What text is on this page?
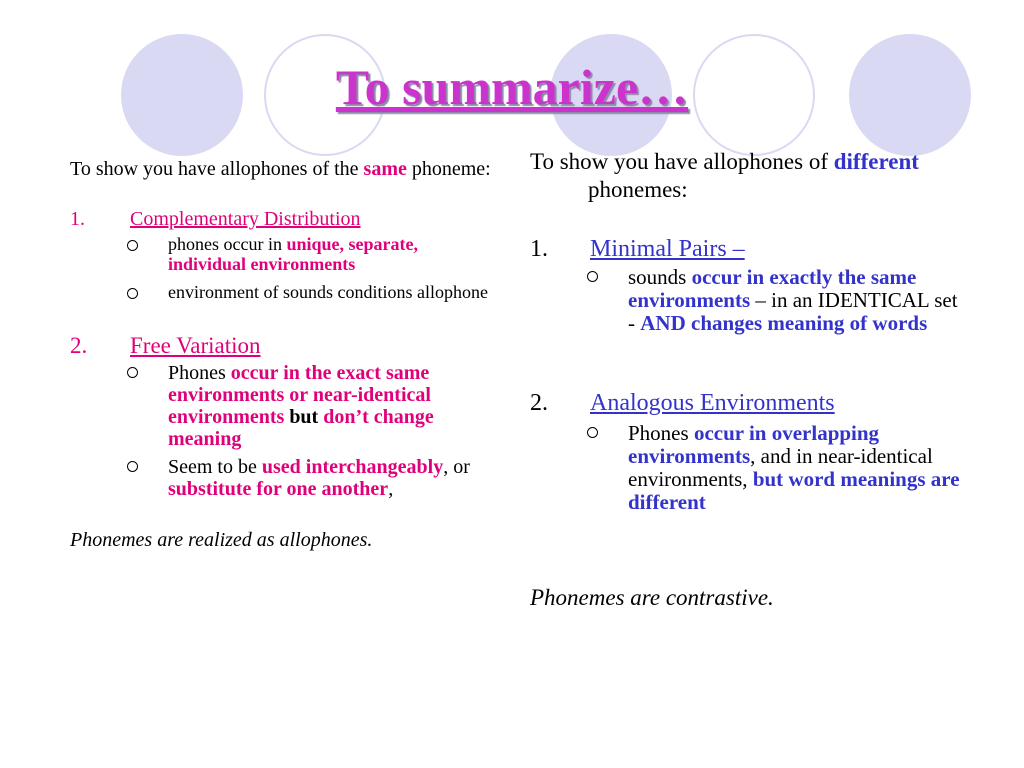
To summarize…

To show you have allophones of the same phoneme:

1.	Complementary Distribution
phones occur in unique, separate, individual environments
environment of sounds conditions allophone
2.	Free Variation
Phones occur in the exact same environments or near-identical environments but don’t change meaning
Seem to be used interchangeably, or substitute for one another,

Phonemes are realized as allophones.

To show you have allophones of different phonemes:

1.	Minimal Pairs –
sounds occur in exactly the same environments – in an IDENTICAL set - AND changes meaning of words
2.	Analogous Environments
Phones occur in overlapping environments, and in near-identical environments, but word meanings are different

Phonemes are contrastive.
